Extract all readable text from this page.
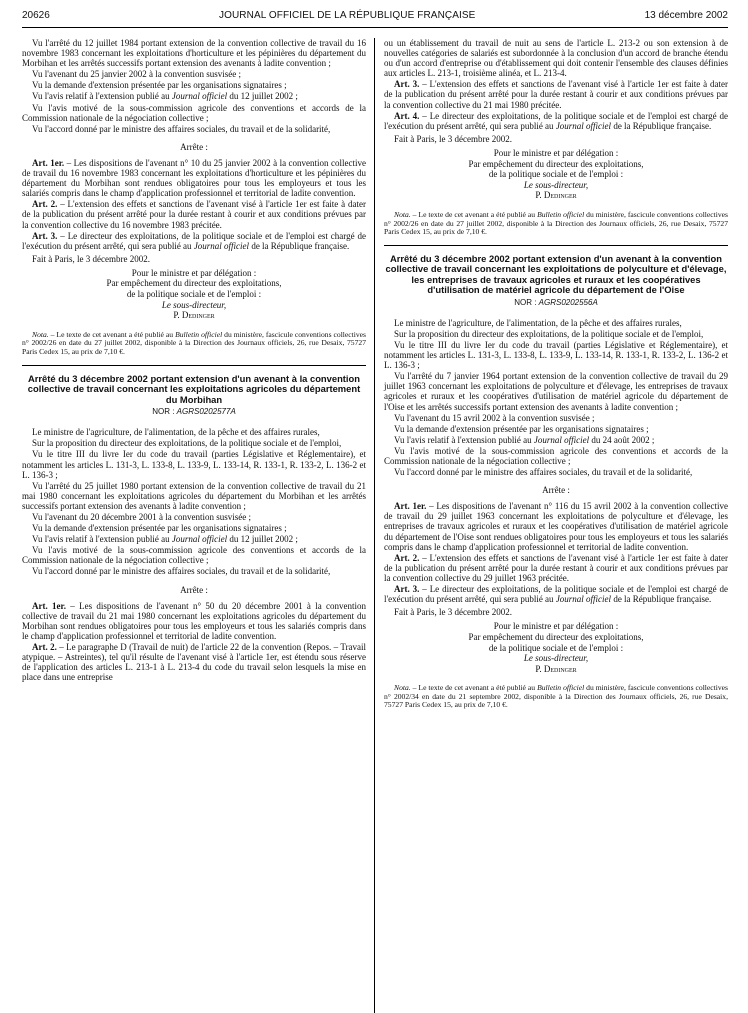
20626	JOURNAL OFFICIEL DE LA RÉPUBLIQUE FRANÇAISE	13 décembre 2002

Vu l'arrêté du 12 juillet 1984 portant extension de la convention collective de travail du 16 novembre 1983 concernant les exploitations d'horticulture et les pépinières du département du Morbihan et les arrêtés successifs portant extension des avenants à ladite convention ;

Vu l'avenant du 25 janvier 2002 à la convention susvisée ;

Vu la demande d'extension présentée par les organisations signataires ;

Vu l'avis relatif à l'extension publié au Journal officiel du 12 juillet 2002 ;

Vu l'avis motivé de la sous-commission agricole des conventions et accords de la Commission nationale de la négociation collective ;

Vu l'accord donné par le ministre des affaires sociales, du travail et de la solidarité,

Arrête :

Art. 1er. – Les dispositions de l'avenant n° 10 du 25 janvier 2002 à la convention collective de travail du 16 novembre 1983 concernant les exploitations d'horticulture et les pépinières du département du Morbihan sont rendues obligatoires pour tous les employeurs et tous les salariés compris dans le champ d'application professionnel et territorial de ladite convention.

Art. 2. – L'extension des effets et sanctions de l'avenant visé à l'article 1er est faite à dater de la publication du présent arrêté pour la durée restant à courir et aux conditions prévues par la convention collective du 16 novembre 1983 précitée.

Art. 3. – Le directeur des exploitations, de la politique sociale et de l'emploi est chargé de l'exécution du présent arrêté, qui sera publié au Journal officiel de la République française.

Fait à Paris, le 3 décembre 2002.

Pour le ministre et par délégation :
Par empêchement du directeur des exploitations,
de la politique sociale et de l'emploi :
Le sous-directeur,
P. Dedinger

Nota. – Le texte de cet avenant a été publié au Bulletin officiel du ministère, fascicule conventions collectives n° 2002/26 en date du 27 juillet 2002, disponible à la Direction des Journaux officiels, 26, rue Desaix, 75727 Paris Cedex 15, au prix de 7,10 €.

Arrêté du 3 décembre 2002 portant extension d'un avenant à la convention collective de travail concernant les exploitations agricoles du département du Morbihan

NOR : AGRS0202577A

Le ministre de l'agriculture, de l'alimentation, de la pêche et des affaires rurales,

Sur la proposition du directeur des exploitations, de la politique sociale et de l'emploi,

Vu le titre III du livre Ier du code du travail (parties Législative et Réglementaire), et notamment les articles L. 131-3, L. 133-8, L. 133-9, L. 133-14, R. 133-1, R. 133-2, L. 136-2 et L. 136-3 ;

Vu l'arrêté du 25 juillet 1980 portant extension de la convention collective de travail du 21 mai 1980 concernant les exploitations agricoles du département du Morbihan et les arrêtés successifs portant extension des avenants à ladite convention ;

Vu l'avenant du 20 décembre 2001 à la convention susvisée ;

Vu la demande d'extension présentée par les organisations signataires ;

Vu l'avis relatif à l'extension publié au Journal officiel du 12 juillet 2002 ;

Vu l'avis motivé de la sous-commission agricole des conventions et accords de la Commission nationale de la négociation collective ;

Vu l'accord donné par le ministre des affaires sociales, du travail et de la solidarité,

Arrête :

Art. 1er. – Les dispositions de l'avenant n° 50 du 20 décembre 2001 à la convention collective de travail du 21 mai 1980 concernant les exploitations agricoles du département du Morbihan sont rendues obligatoires pour tous les employeurs et tous les salariés compris dans le champ d'application professionnel et territorial de ladite convention.

Art. 2. – Le paragraphe D (Travail de nuit) de l'article 22 de la convention (Repos. – Travail atypique. – Astreintes), tel qu'il résulte de l'avenant visé à l'article 1er, est étendu sous réserve de l'application des articles L. 213-1 à L. 213-4 du code du travail selon lesquels la mise en place dans une entreprise

ou un établissement du travail de nuit au sens de l'article L. 213-2 ou son extension à de nouvelles catégories de salariés est subordonnée à la conclusion d'un accord de branche étendu ou d'un accord d'entreprise ou d'établissement qui doit contenir l'ensemble des clauses définies aux articles L. 213-1, troisième alinéa, et L. 213-4.

Art. 3. – L'extension des effets et sanctions de l'avenant visé à l'article 1er est faite à dater de la publication du présent arrêté pour la durée restant à courir et aux conditions prévues par la convention collective du 21 mai 1980 précitée.

Art. 4. – Le directeur des exploitations, de la politique sociale et de l'emploi est chargé de l'exécution du présent arrêté, qui sera publié au Journal officiel de la République française.

Fait à Paris, le 3 décembre 2002.

Pour le ministre et par délégation :
Par empêchement du directeur des exploitations,
de la politique sociale et de l'emploi :
Le sous-directeur,
P. Dedinger

Nota. – Le texte de cet avenant a été publié au Bulletin officiel du ministère, fascicule conventions collectives n° 2002/26 en date du 27 juillet 2002, disponible à la Direction des Journaux officiels, 26, rue Desaix, 75727 Paris Cedex 15, au prix de 7,10 €.

Arrêté du 3 décembre 2002 portant extension d'un avenant à la convention collective de travail concernant les exploitations de polyculture et d'élevage, les entreprises de travaux agricoles et ruraux et les coopératives d'utilisation de matériel agricole du département de l'Oise

NOR : AGRS0202556A

Le ministre de l'agriculture, de l'alimentation, de la pêche et des affaires rurales,

Sur la proposition du directeur des exploitations, de la politique sociale et de l'emploi,

Vu le titre III du livre Ier du code du travail (parties Législative et Réglementaire), et notamment les articles L. 131-3, L. 133-8, L. 133-9, L. 133-14, R. 133-1, R. 133-2, L. 136-2 et L. 136-3 ;

Vu l'arrêté du 7 janvier 1964 portant extension de la convention collective de travail du 29 juillet 1963 concernant les exploitations de polyculture et d'élevage, les entreprises de travaux agricoles et ruraux et les coopératives d'utilisation de matériel agricole du département de l'Oise et les arrêtés successifs portant extension des avenants à ladite convention ;

Vu l'avenant du 15 avril 2002 à la convention susvisée ;

Vu la demande d'extension présentée par les organisations signataires ;

Vu l'avis relatif à l'extension publié au Journal officiel du 24 août 2002 ;

Vu l'avis motivé de la sous-commission agricole des conventions et accords de la Commission nationale de la négociation collective ;

Vu l'accord donné par le ministre des affaires sociales, du travail et de la solidarité,

Arrête :

Art. 1er. – Les dispositions de l'avenant n° 116 du 15 avril 2002 à la convention collective de travail du 29 juillet 1963 concernant les exploitations de polyculture et d'élevage, les entreprises de travaux agricoles et ruraux et les coopératives d'utilisation de matériel agricole du département de l'Oise sont rendues obligatoires pour tous les employeurs et tous les salariés compris dans le champ d'application professionnel et territorial de ladite convention.

Art. 2. – L'extension des effets et sanctions de l'avenant visé à l'article 1er est faite à dater de la publication du présent arrêté pour la durée restant à courir et aux conditions prévues par la convention collective du 29 juillet 1963 précitée.

Art. 3. – Le directeur des exploitations, de la politique sociale et de l'emploi est chargé de l'exécution du présent arrêté, qui sera publié au Journal officiel de la République française.

Fait à Paris, le 3 décembre 2002.

Pour le ministre et par délégation :
Par empêchement du directeur des exploitations,
de la politique sociale et de l'emploi :
Le sous-directeur,
P. Dedinger

Nota. – Le texte de cet avenant a été publié au Bulletin officiel du ministère, fascicule conventions collectives n° 2002/34 en date du 21 septembre 2002, disponible à la Direction des Journaux officiels, 26, rue Desaix, 75727 Paris Cedex 15, au prix de 7,10 €.
